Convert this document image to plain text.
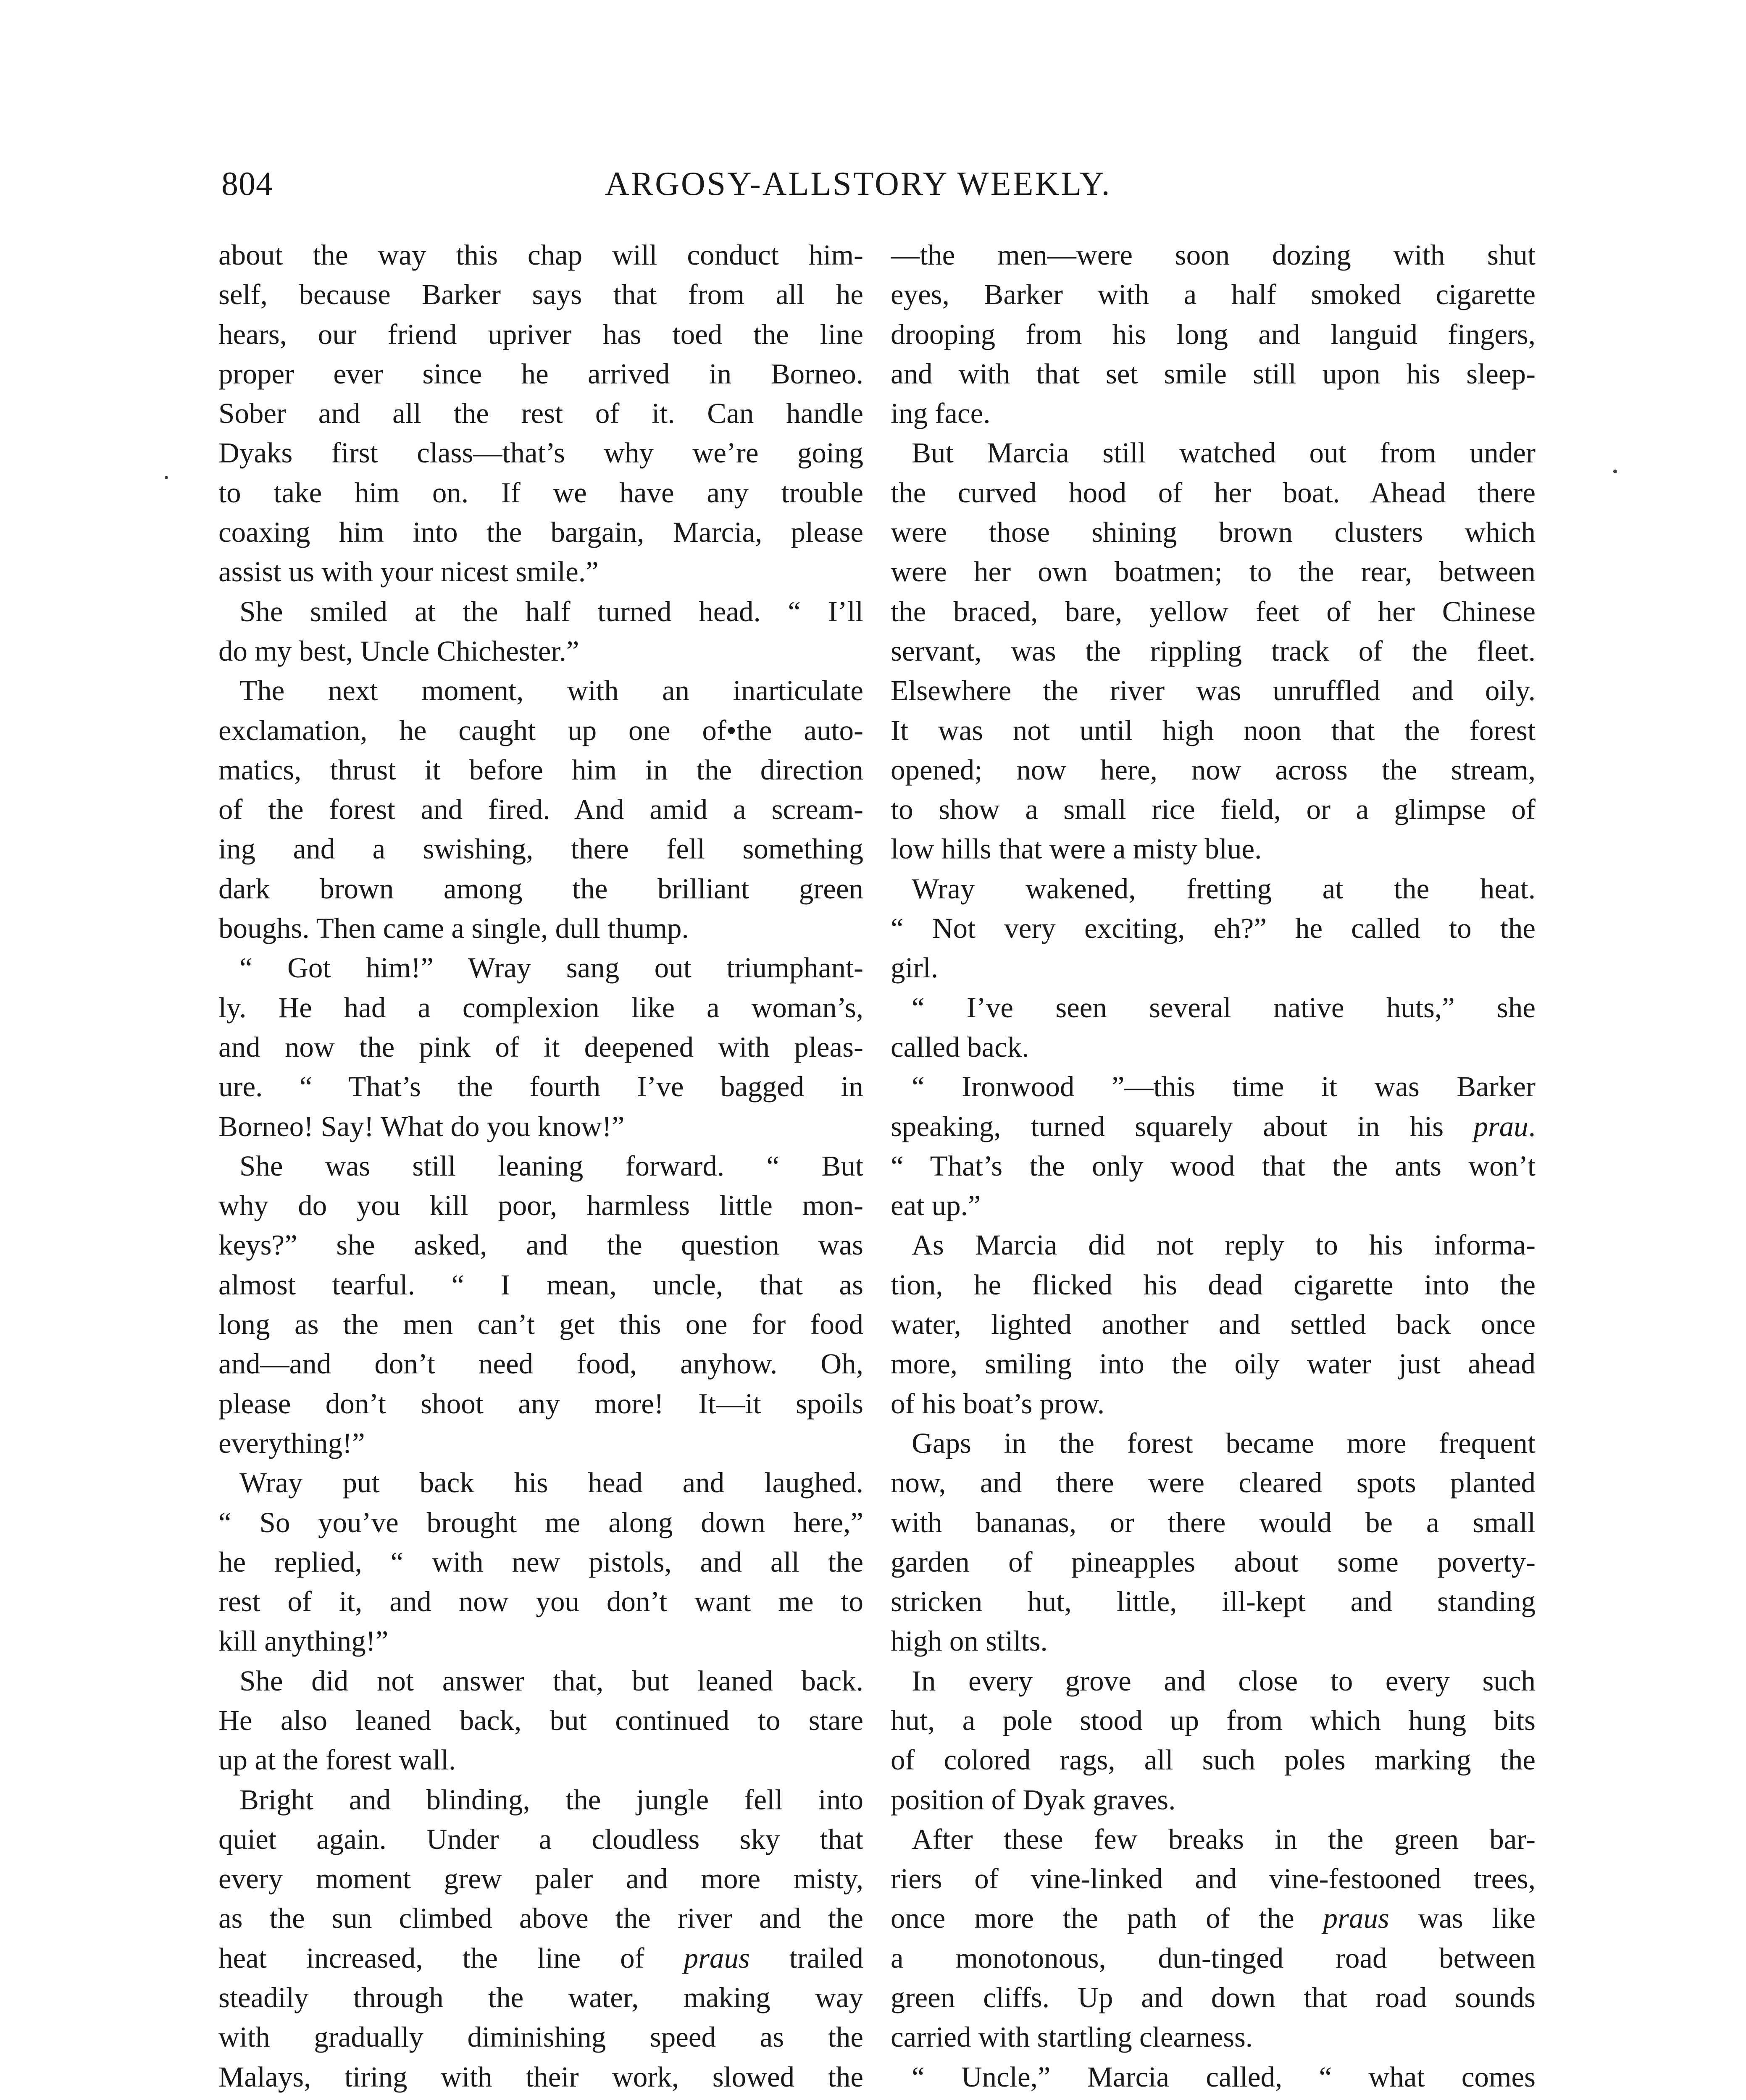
804	ARGOSY-ALLSTORY WEEKLY.
about the way this chap will conduct him-
self, because Barker says that from all he
hears, our friend upriver has toed the line
proper ever since he arrived in Borneo.
Sober and all the rest of it. Can handle
Dyaks first class—that’s why we’re going
to take him on. If we have any trouble
coaxing him into the bargain, Marcia, please
assist us with your nicest smile.”
She smiled at the half turned head. “ I’ll
do my best, Uncle Chichester.”
The next moment, with an inarticulate
exclamation, he caught up one of•the auto-
matics, thrust it before him in the direction
of the forest and fired. And amid a scream-
ing and a swishing, there fell something
dark brown among the brilliant green
boughs. Then came a single, dull thump.
“ Got him!” Wray sang out triumphant-
ly. He had a complexion like a woman’s,
and now the pink of it deepened with pleas-
ure. “ That’s the fourth I’ve bagged in
Borneo! Say! What do you know!”
She was still leaning forward. “ But
why do you kill poor, harmless little mon-
keys?” she asked, and the question was
almost tearful. “ I mean, uncle, that as
long as the men can’t get this one for food
and—and don’t need food, anyhow. Oh,
please don’t shoot any more! It—it spoils
everything!”
Wray put back his head and laughed.
“ So you’ve brought me along down here,”
he replied, “ with new pistols, and all the
rest of it, and now you don’t want me to
kill anything!”
She did not answer that, but leaned back.
He also leaned back, but continued to stare
up at the forest wall.
Bright and blinding, the jungle fell into
quiet again. Under a cloudless sky that
every moment grew paler and more misty,
as the sun climbed above the river and the
heat increased, the line of praus trailed
steadily through the water, making way
with gradually diminishing speed as the
Malays, tiring with their work, slowed the
—the men—were soon dozing with shut
eyes, Barker with a half smoked cigarette
drooping from his long and languid fingers,
and with that set smile still upon his sleep-
ing face.
But Marcia still watched out from under
the curved hood of her boat. Ahead there
were those shining brown clusters which
were her own boatmen; to the rear, between
the braced, bare, yellow feet of her Chinese
servant, was the rippling track of the fleet.
Elsewhere the river was unruffled and oily.
It was not until high noon that the forest
opened; now here, now across the stream,
to show a small rice field, or a glimpse of
low hills that were a misty blue.
Wray wakened, fretting at the heat.
“ Not very exciting, eh?” he called to the
girl.
“ I’ve seen several native huts,” she
called back.
“ Ironwood ”—this time it was Barker
speaking, turned squarely about in his prau.
“ That’s the only wood that the ants won’t
eat up.”
As Marcia did not reply to his informa-
tion, he flicked his dead cigarette into the
water, lighted another and settled back once
more, smiling into the oily water just ahead
of his boat’s prow.
Gaps in the forest became more frequent
now, and there were cleared spots planted
with bananas, or there would be a small
garden of pineapples about some poverty-
stricken hut, little, ill-kept and standing
high on stilts.
In every grove and close to every such
hut, a pole stood up from which hung bits
of colored rags, all such poles marking the
position of Dyak graves.
After these few breaks in the green bar-
riers of vine-linked and vine-festooned trees,
once more the path of the praus was like
a monotonous, dun-tinged road between
green cliffs. Up and down that road sounds
carried with startling clearness.
“ Uncle,” Marcia called, “ what comes
